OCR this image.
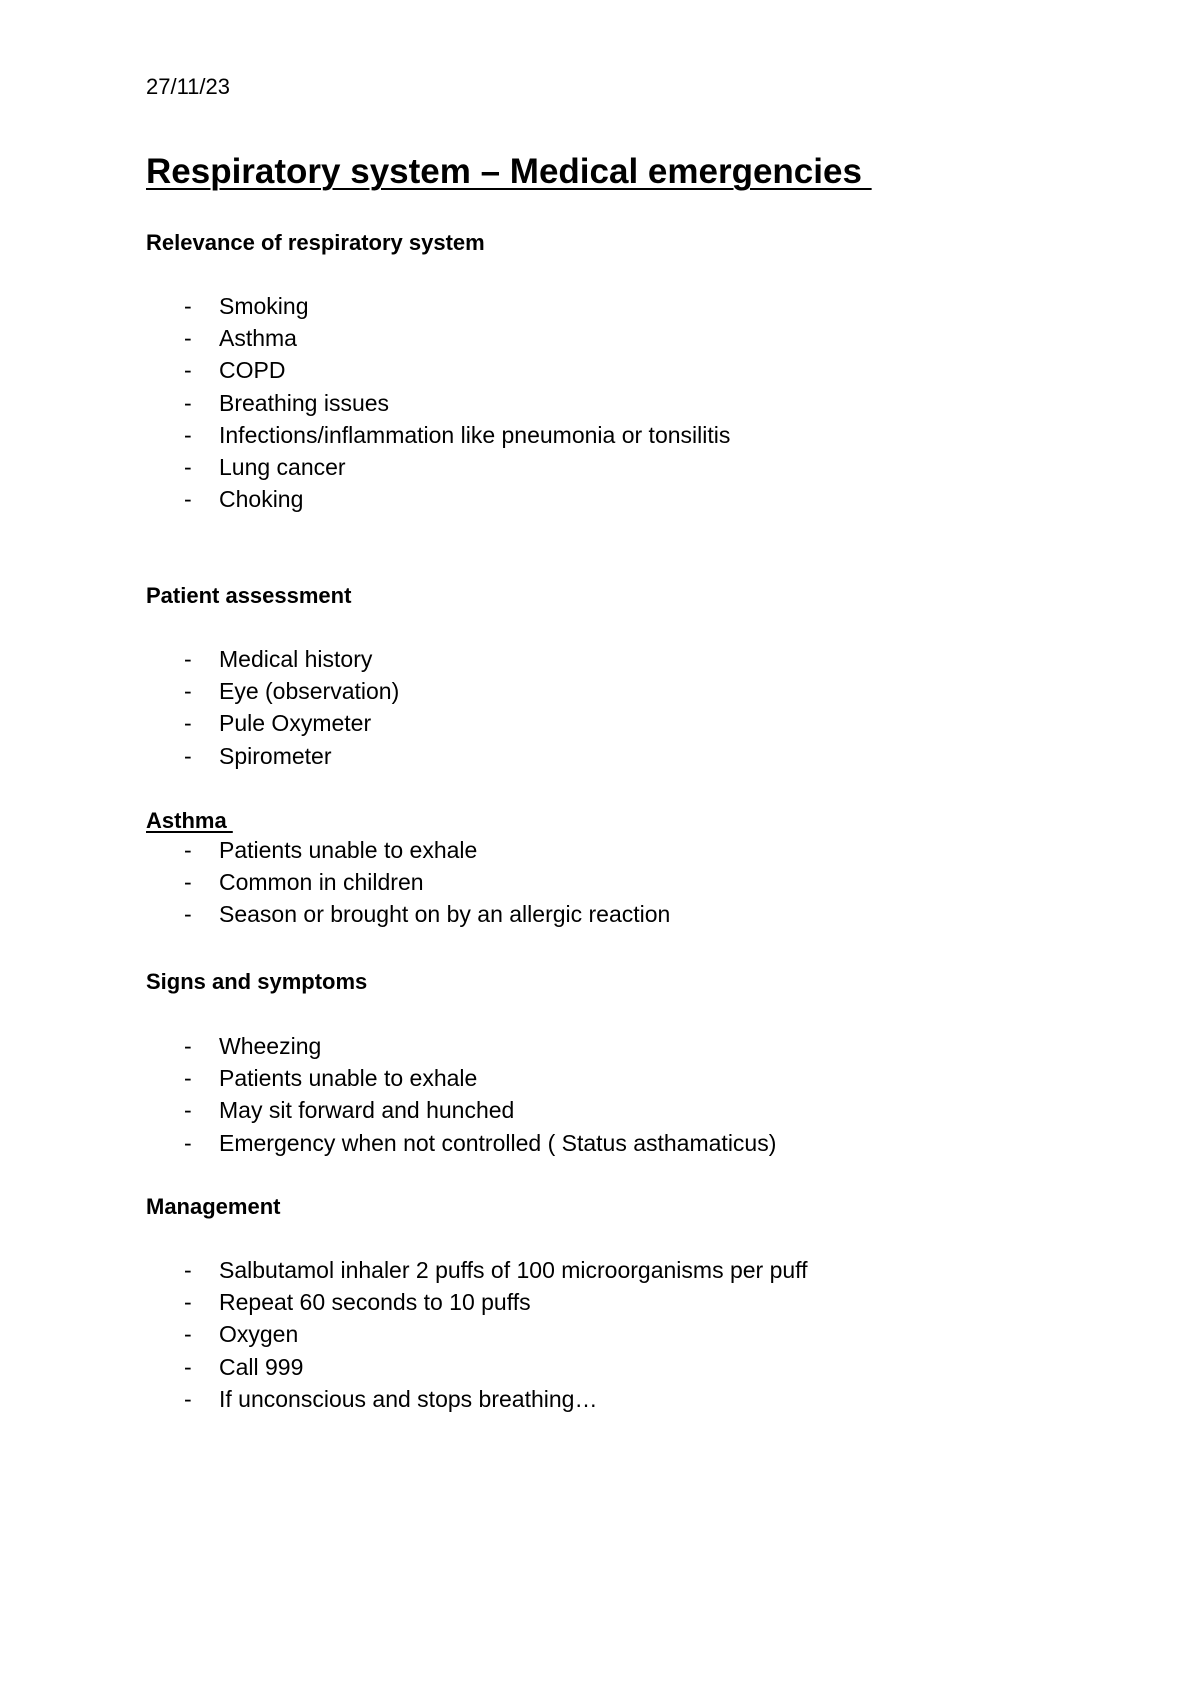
27/11/23
Respiratory system – Medical emergencies
Relevance of respiratory system
- Smoking
- Asthma
- COPD
- Breathing issues
- Infections/inflammation like pneumonia or tonsilitis
- Lung cancer
- Choking
Patient assessment
- Medical history
- Eye (observation)
- Pule Oxymeter
- Spirometer
Asthma
- Patients unable to exhale
- Common in children
- Season or brought on by an allergic reaction
Signs and symptoms
- Wheezing
- Patients unable to exhale
- May sit forward and hunched
- Emergency when not controlled ( Status asthamaticus)
Management
- Salbutamol inhaler 2 puffs of 100 microorganisms per puff
- Repeat 60 seconds to 10 puffs
- Oxygen
- Call 999
- If unconscious and stops breathing…
